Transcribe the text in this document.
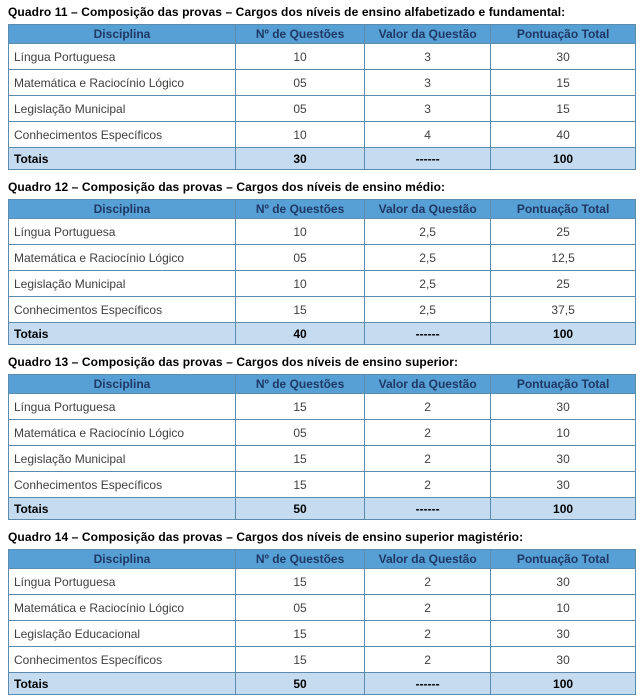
Quadro 11 – Composição das provas – Cargos dos níveis de ensino alfabetizado e fundamental:
Disciplina	Nº de Questões	Valor da Questão	Pontuação Total
Língua Portuguesa	10	3	30
Matemática e Raciocínio Lógico	05	3	15
Legislação Municipal	05	3	15
Conhecimentos Específicos	10	4	40
Totais	30	------	100
Quadro 12 – Composição das provas – Cargos dos níveis de ensino médio:
Disciplina	Nº de Questões	Valor da Questão	Pontuação Total
Língua Portuguesa	10	2,5	25
Matemática e Raciocínio Lógico	05	2,5	12,5
Legislação Municipal	10	2,5	25
Conhecimentos Específicos	15	2,5	37,5
Totais	40	------	100
Quadro 13 – Composição das provas – Cargos dos níveis de ensino superior:
Disciplina	Nº de Questões	Valor da Questão	Pontuação Total
Língua Portuguesa	15	2	30
Matemática e Raciocínio Lógico	05	2	10
Legislação Municipal	15	2	30
Conhecimentos Específicos	15	2	30
Totais	50	------	100
Quadro 14 – Composição das provas – Cargos dos níveis de ensino superior magistério:
Disciplina	Nº de Questões	Valor da Questão	Pontuação Total
Língua Portuguesa	15	2	30
Matemática e Raciocínio Lógico	05	2	10
Legislação Educacional	15	2	30
Conhecimentos Específicos	15	2	30
Totais	50	------	100
